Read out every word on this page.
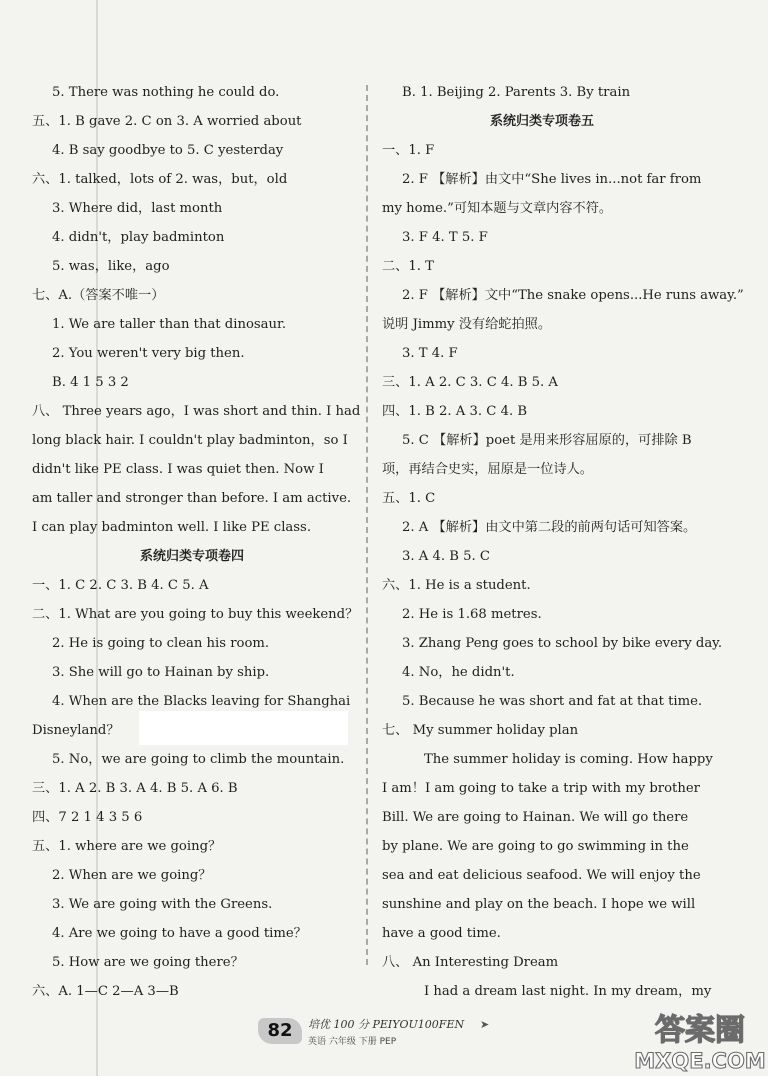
5. There was nothing he could do.
五、1. B gave 2. C on 3. A worried about
4. B say goodbye to 5. C yesterday
六、1. talked，lots of 2. was，but，old
3. Where did，last month
4. didn't，play badminton
5. was，like，ago
七、A.（答案不唯一）
1. We are taller than that dinosaur.
2. You weren't very big then.
B. 4 1 5 3 2
八、 Three years ago，I was short and thin. I had
long black hair. I couldn't play badminton，so I
didn't like PE class. I was quiet then. Now I
am taller and stronger than before. I am active.
I can play badminton well. I like PE class.
系统归类专项卷四
一、1. C 2. C 3. B 4. C 5. A
二、1. What are you going to buy this weekend？
2. He is going to clean his room.
3. She will go to Hainan by ship.
4. When are the Blacks leaving for Shanghai
Disneyland？
5. No，we are going to climb the mountain.
三、1. A 2. B 3. A 4. B 5. A 6. B
四、7 2 1 4 3 5 6
五、1. where are we going？
2. When are we going？
3. We are going with the Greens.
4. Are we going to have a good time？
5. How are we going there？
六、A. 1—C 2—A 3—B
B. 1. Beijing 2. Parents 3. By train
系统归类专项卷五
一、1. F
2. F 【解析】由文中“She lives in...not far from
my home.”可知本题与文章内容不符。
3. F 4. T 5. F
二、1. T
2. F 【解析】文中“The snake opens...He runs away.”
说明 Jimmy 没有给蛇拍照。
3. T 4. F
三、1. A 2. C 3. C 4. B 5. A
四、1. B 2. A 3. C 4. B
5. C 【解析】poet 是用来形容屈原的，可排除 B
项，再结合史实，屈原是一位诗人。
五、1. C
2. A 【解析】由文中第二段的前两句话可知答案。
3. A 4. B 5. C
六、1. He is a student.
2. He is 1.68 metres.
3. Zhang Peng goes to school by bike every day.
4. No，he didn't.
5. Because he was short and fat at that time.
七、 My summer holiday plan
The summer holiday is coming. How happy
I am！I am going to take a trip with my brother
Bill. We are going to Hainan. We will go there
by plane. We are going to go swimming in the
sea and eat delicious seafood. We will enjoy the
sunshine and play on the beach. I hope we will
have a good time.
八、 An Interesting Dream
I had a dream last night. In my dream，my
82	培优 100 分 PEIYOU100FEN ➤
英语 六年级 下册 PEP	答案圈
MXQE.COM
